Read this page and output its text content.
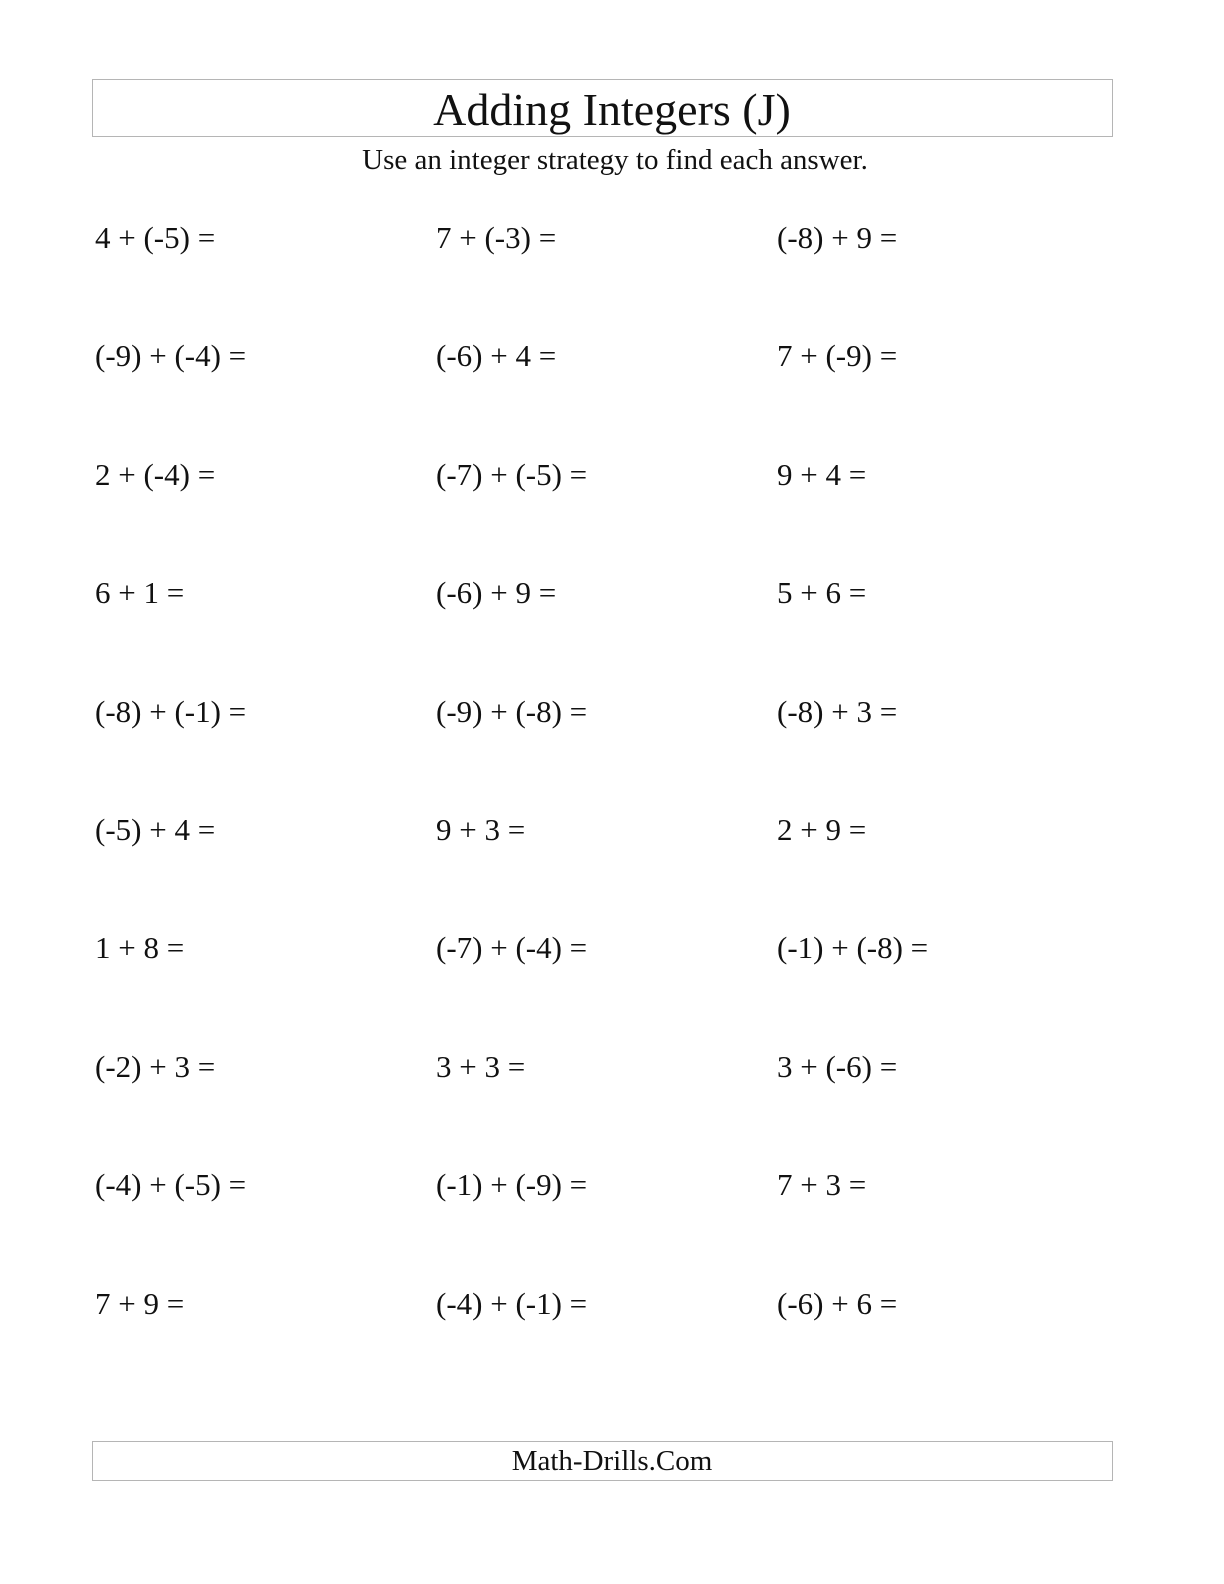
Adding Integers (J)
Use an integer strategy to find each answer.
4 + (-5) =	7 + (-3) =	(-8) + 9 =
(-9) + (-4) =	(-6) + 4 =	7 + (-9) =
2 + (-4) =	(-7) + (-5) =	9 + 4 =
6 + 1 =	(-6) + 9 =	5 + 6 =
(-8) + (-1) =	(-9) + (-8) =	(-8) + 3 =
(-5) + 4 =	9 + 3 =	2 + 9 =
1 + 8 =	(-7) + (-4) =	(-1) + (-8) =
(-2) + 3 =	3 + 3 =	3 + (-6) =
(-4) + (-5) =	(-1) + (-9) =	7 + 3 =
7 + 9 =	(-4) + (-1) =	(-6) + 6 =
Math-Drills.Com
